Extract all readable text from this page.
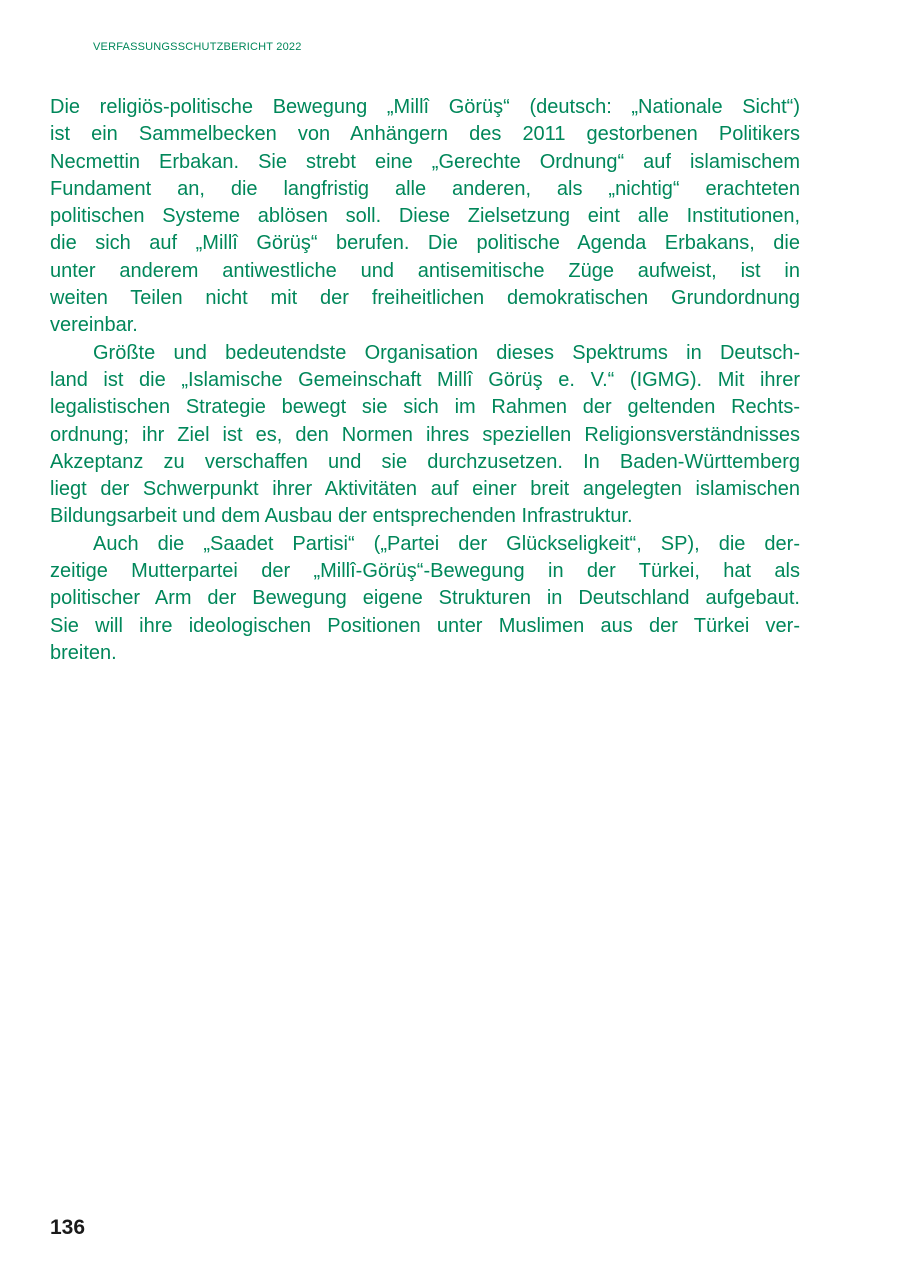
VERFASSUNGSSCHUTZBERICHT 2022

Die religiös-politische Bewegung „Millî Görüş“ (deutsch: „Nationale Sicht“)
ist ein Sammelbecken von Anhängern des 2011 gestorbenen Politikers
Necmettin Erbakan. Sie strebt eine „Gerechte Ordnung“ auf islamischem
Fundament an, die langfristig alle anderen, als „nichtig“ erachteten
politischen Systeme ablösen soll. Diese Zielsetzung eint alle Institutionen,
die sich auf „Millî Görüş“ berufen. Die politische Agenda Erbakans, die
unter anderem antiwestliche und antisemitische Züge aufweist, ist in
weiten Teilen nicht mit der freiheitlichen demokratischen Grundordnung
vereinbar.

Größte und bedeutendste Organisation dieses Spektrums in Deutsch-
land ist die „Islamische Gemeinschaft Millî Görüş e. V.“ (IGMG). Mit ihrer
legalistischen Strategie bewegt sie sich im Rahmen der geltenden Rechts-
ordnung; ihr Ziel ist es, den Normen ihres speziellen Religionsverständnisses
Akzeptanz zu verschaffen und sie durchzusetzen. In Baden-Württemberg
liegt der Schwerpunkt ihrer Aktivitäten auf einer breit angelegten islamischen
Bildungsarbeit und dem Ausbau der entsprechenden Infrastruktur.

Auch die „Saadet Partisi“ („Partei der Glückseligkeit“, SP), die der-
zeitige Mutterpartei der „Millî-Görüş“-Bewegung in der Türkei, hat als
politischer Arm der Bewegung eigene Strukturen in Deutschland aufgebaut.
Sie will ihre ideologischen Positionen unter Muslimen aus der Türkei ver-
breiten.

136
